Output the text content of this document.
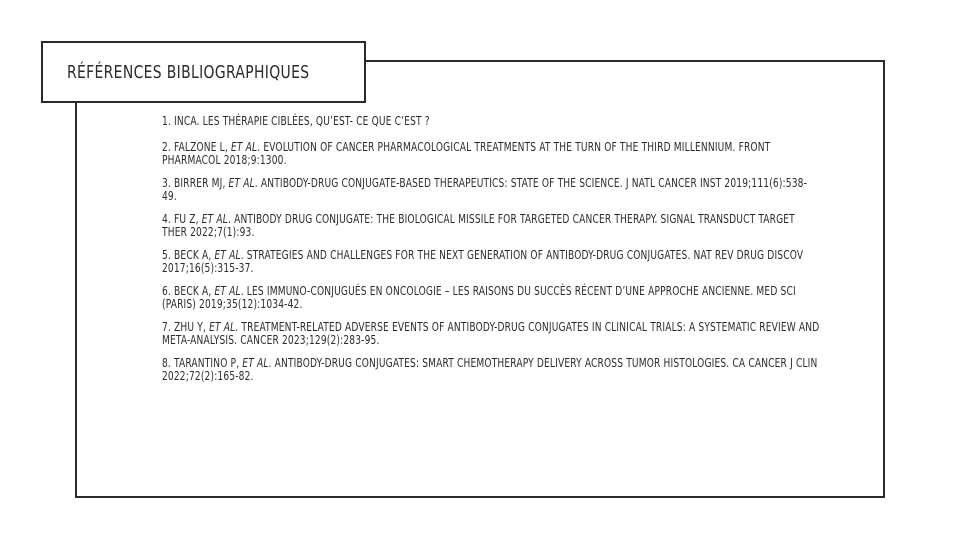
RÉFÉRENCES BIBLIOGRAPHIQUES
1. INCA. LES THÉRAPIE CIBLÉES, QU’EST- CE QUE C’EST ?
2. FALZONE L, ET AL. EVOLUTION OF CANCER PHARMACOLOGICAL TREATMENTS AT THE TURN OF THE THIRD MILLENNIUM. FRONT PHARMACOL 2018;9:1300.
3. BIRRER MJ, ET AL. ANTIBODY-DRUG CONJUGATE-BASED THERAPEUTICS: STATE OF THE SCIENCE. J NATL CANCER INST 2019;111(6):538-49.
4. FU Z, ET AL. ANTIBODY DRUG CONJUGATE: THE BIOLOGICAL MISSILE FOR TARGETED CANCER THERAPY. SIGNAL TRANSDUCT TARGET THER 2022;7(1):93.
5. BECK A, ET AL. STRATEGIES AND CHALLENGES FOR THE NEXT GENERATION OF ANTIBODY-DRUG CONJUGATES. NAT REV DRUG DISCOV 2017;16(5):315-37.
6. BECK A, ET AL. LES IMMUNO-CONJUGUÉS EN ONCOLOGIE – LES RAISONS DU SUCCÈS RÉCENT D’UNE APPROCHE ANCIENNE. MED SCI (PARIS) 2019;35(12):1034-42.
7. ZHU Y, ET AL. TREATMENT-RELATED ADVERSE EVENTS OF ANTIBODY-DRUG CONJUGATES IN CLINICAL TRIALS: A SYSTEMATIC REVIEW AND META-ANALYSIS. CANCER 2023;129(2):283-95.
8. TARANTINO P, ET AL. ANTIBODY-DRUG CONJUGATES: SMART CHEMOTHERAPY DELIVERY ACROSS TUMOR HISTOLOGIES. CA CANCER J CLIN 2022;72(2):165-82.
